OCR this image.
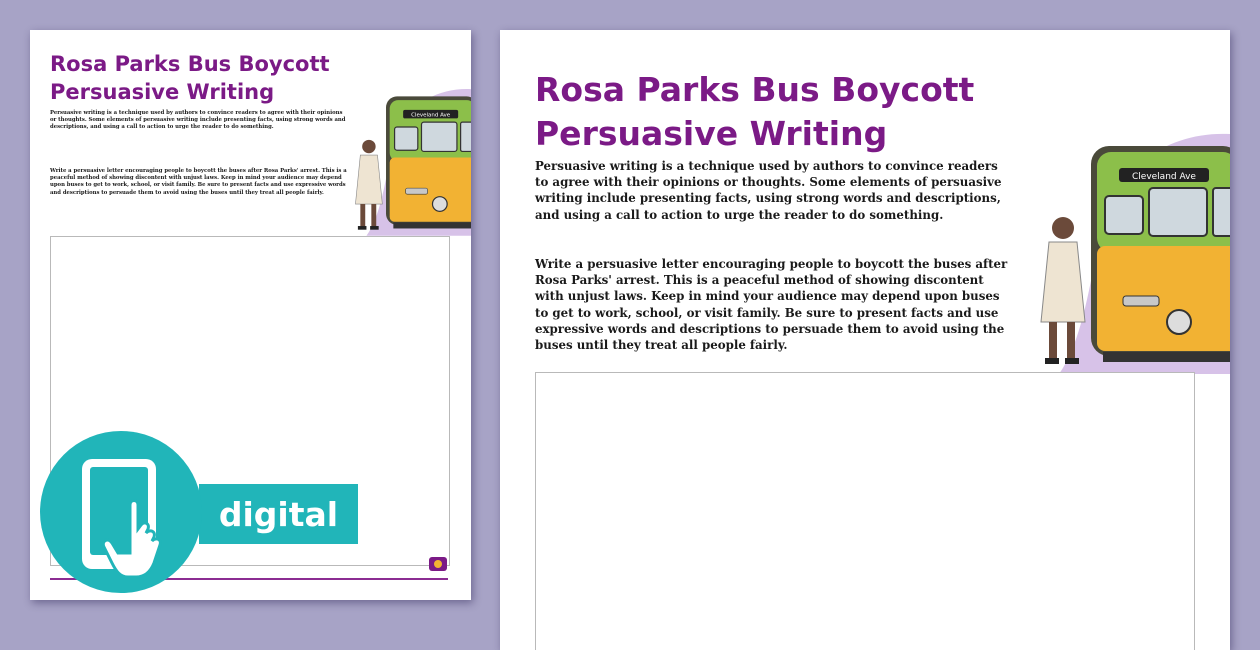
Rosa Parks Bus Boycott Persuasive Writing

Persuasive writing is a technique used by authors to convince readers to agree with their opinions or thoughts. Some elements of persuasive writing include presenting facts, using strong words and descriptions, and using a call to action to urge the reader to do something.

Write a persuasive letter encouraging people to boycott the buses after Rosa Parks' arrest. This is a peaceful method of showing discontent with unjust laws. Keep in mind your audience may depend upon buses to get to work, school, or visit family. Be sure to present facts and use expressive words and descriptions to persuade them to avoid using the buses until they treat all people fairly.

Cleveland Ave
Rosa Parks Bus Boycott Persuasive Writing

Persuasive writing is a technique used by authors to convince readers to agree with their opinions or thoughts. Some elements of persuasive writing include presenting facts, using strong words and descriptions, and using a call to action to urge the reader to do something.

Write a persuasive letter encouraging people to boycott the buses after Rosa Parks' arrest. This is a peaceful method of showing discontent with unjust laws. Keep in mind your audience may depend upon buses to get to work, school, or visit family. Be sure to present facts and use expressive words and descriptions to persuade them to avoid using the buses until they treat all people fairly.

Cleveland Ave
digital
